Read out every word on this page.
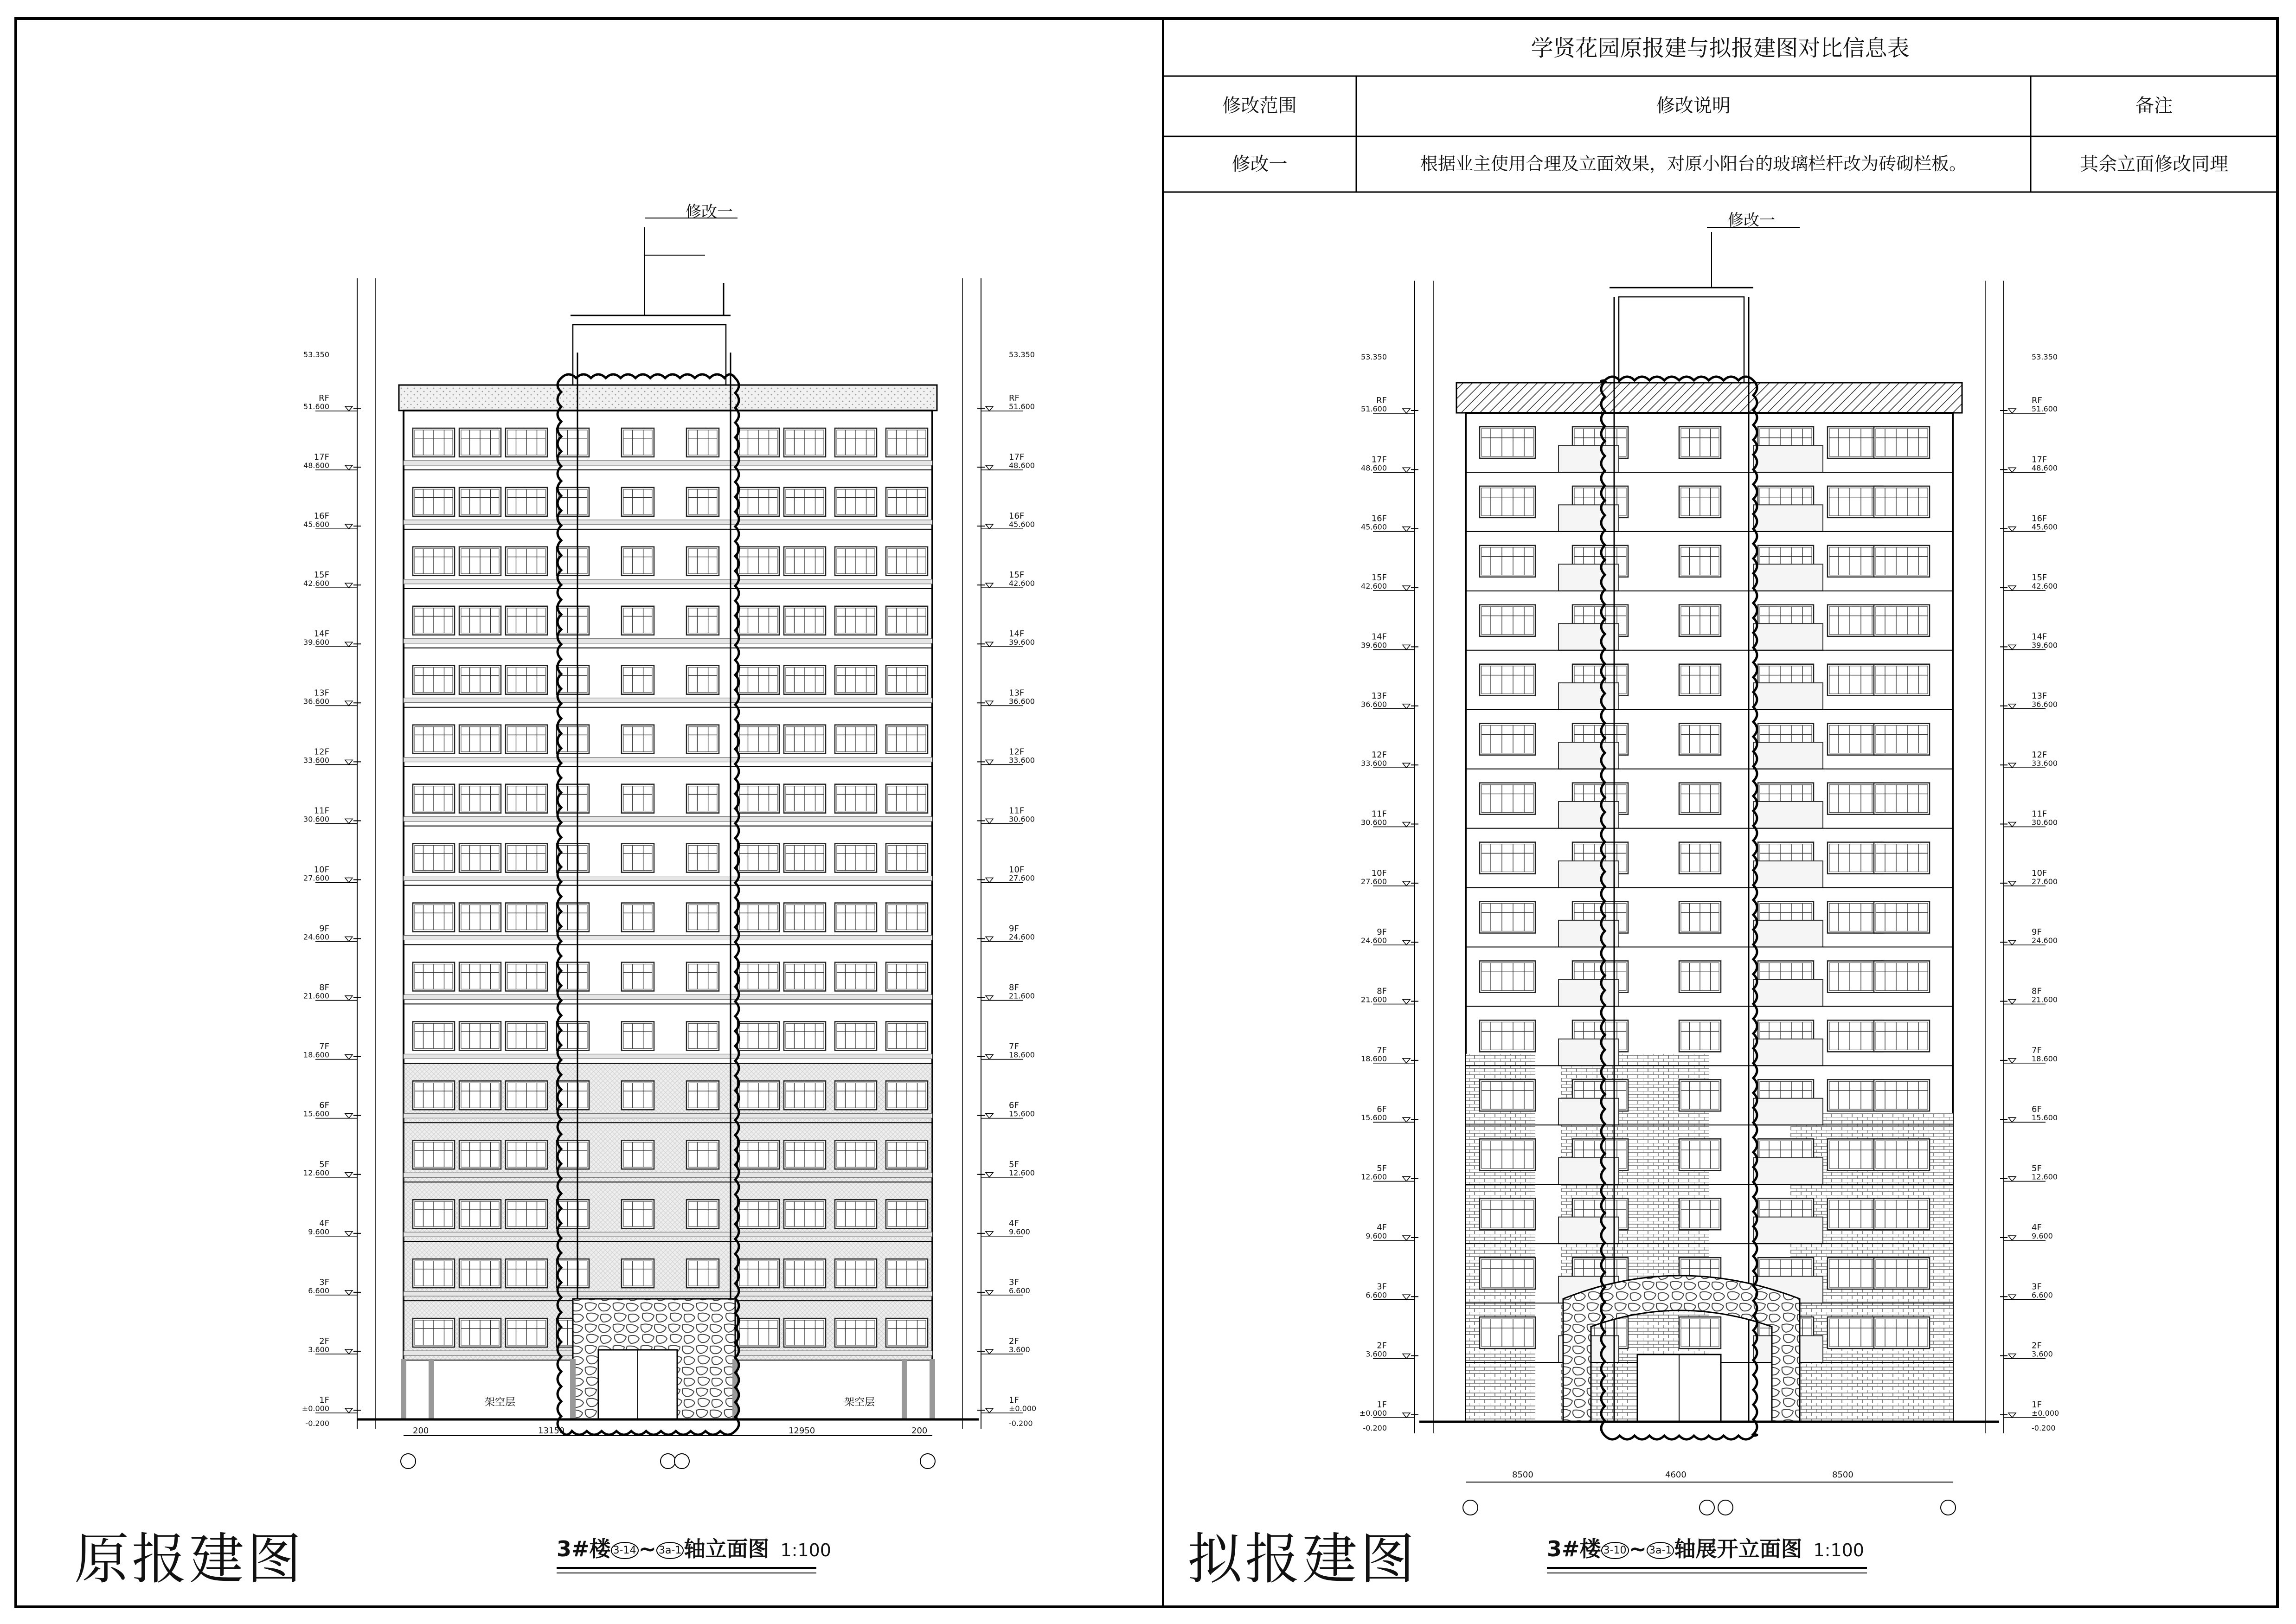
架空层	架空层
200	13150	12950	200
8500	4600	8500
RF
51.600
RF
51.600
17F
48.600
17F
48.600
16F
45.600
16F
45.600
15F
42.600
15F
42.600
14F
39.600
14F
39.600
13F
36.600
13F
36.600
12F
33.600
12F
33.600
11F
30.600
11F
30.600
10F
27.600
10F
27.600
9F
24.600
9F
24.600
8F
21.600
8F
21.600
7F
18.600
7F
18.600
6F
15.600
6F
15.600
5F
12.600
5F
12.600
4F
9.600
4F
9.600
3F
6.600
3F
6.600
2F
3.600
2F
3.600
1F
±0.000
1F
±0.000
53.350
-0.200
53.350
-0.200
RF
51.600
RF
51.600
17F
48.600
17F
48.600
16F
45.600
16F
45.600
15F
42.600
15F
42.600
14F
39.600
14F
39.600
13F
36.600
13F
36.600
12F
33.600
12F
33.600
11F
30.600
11F
30.600
10F
27.600
10F
27.600
9F
24.600
9F
24.600
8F
21.600
8F
21.600
7F
18.600
7F
18.600
6F
15.600
6F
15.600
5F
12.600
5F
12.600
4F
9.600
4F
9.600
3F
6.600
3F
6.600
2F
3.600
2F
3.600
1F
±0.000
1F
±0.000
53.350
-0.200
53.350
-0.200
学贤花园原报建与拟报建图对比信息表
修改范围	修改说明	备注
修改一	根据业主使用合理及立面效果，对原小阳台的玻璃栏杆改为砖砌栏板。	其余立面修改同理
修改一	修改一
原报建图	拟报建图
3#楼 3-14 ~ 3a-1 轴立面图 1:100	3#楼 3-10 ~ 3a-1 轴展开立面图 1:100
